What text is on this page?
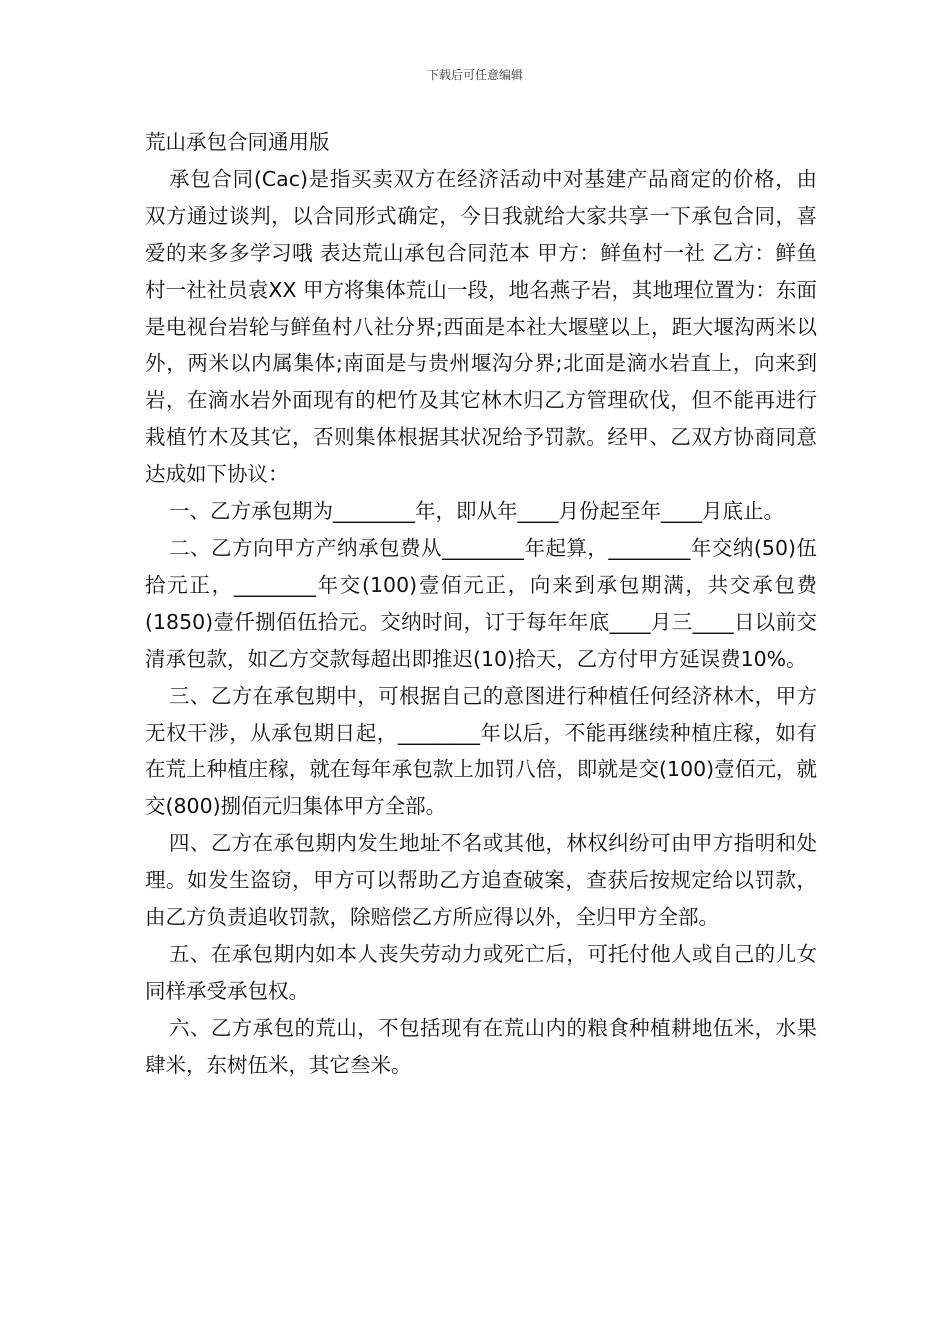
下载后可任意编辑
荒山承包合同通用版

承包合同(Cac)是指买卖双方在经济活动中对基建产品商定的价格，由双方通过谈判，以合同形式确定，今日我就给大家共享一下承包合同，喜爱的来多多学习哦 表达荒山承包合同范本 甲方：鲜鱼村一社 乙方：鲜鱼村一社社员袁XX 甲方将集体荒山一段，地名燕子岩，其地理位置为：东面是电视台岩轮与鲜鱼村八社分界;西面是本社大堰壁以上，距大堰沟两米以外，两米以内属集体;南面是与贵州堰沟分界;北面是滴水岩直上，向来到岩，在滴水岩外面现有的杷竹及其它林木归乙方管理砍伐，但不能再进行栽植竹木及其它，否则集体根据其状况给予罚款。经甲、乙双方协商同意达成如下协议：

一、乙方承包期为________年，即从年____月份起至年____月底止。

二、乙方向甲方产纳承包费从________年起算，________年交纳(50)伍拾元正，________年交(100)壹佰元正，向来到承包期满，共交承包费(1850)壹仟捌佰伍拾元。交纳时间，订于每年年底____月三____日以前交清承包款，如乙方交款每超出即推迟(10)拾天，乙方付甲方延误费10%。

三、乙方在承包期中，可根据自己的意图进行种植任何经济林木，甲方无权干涉，从承包期日起，________年以后，不能再继续种植庄稼，如有在荒上种植庄稼，就在每年承包款上加罚八倍，即就是交(100)壹佰元，就交(800)捌佰元归集体甲方全部。

四、乙方在承包期内发生地址不名或其他，林权纠纷可由甲方指明和处理。如发生盗窃，甲方可以帮助乙方追查破案，查获后按规定给以罚款，由乙方负责追收罚款，除赔偿乙方所应得以外，全归甲方全部。

五、在承包期内如本人丧失劳动力或死亡后，可托付他人或自己的儿女同样承受承包权。

六、乙方承包的荒山，不包括现有在荒山内的粮食种植耕地伍米，水果肆米，东树伍米，其它叁米。
